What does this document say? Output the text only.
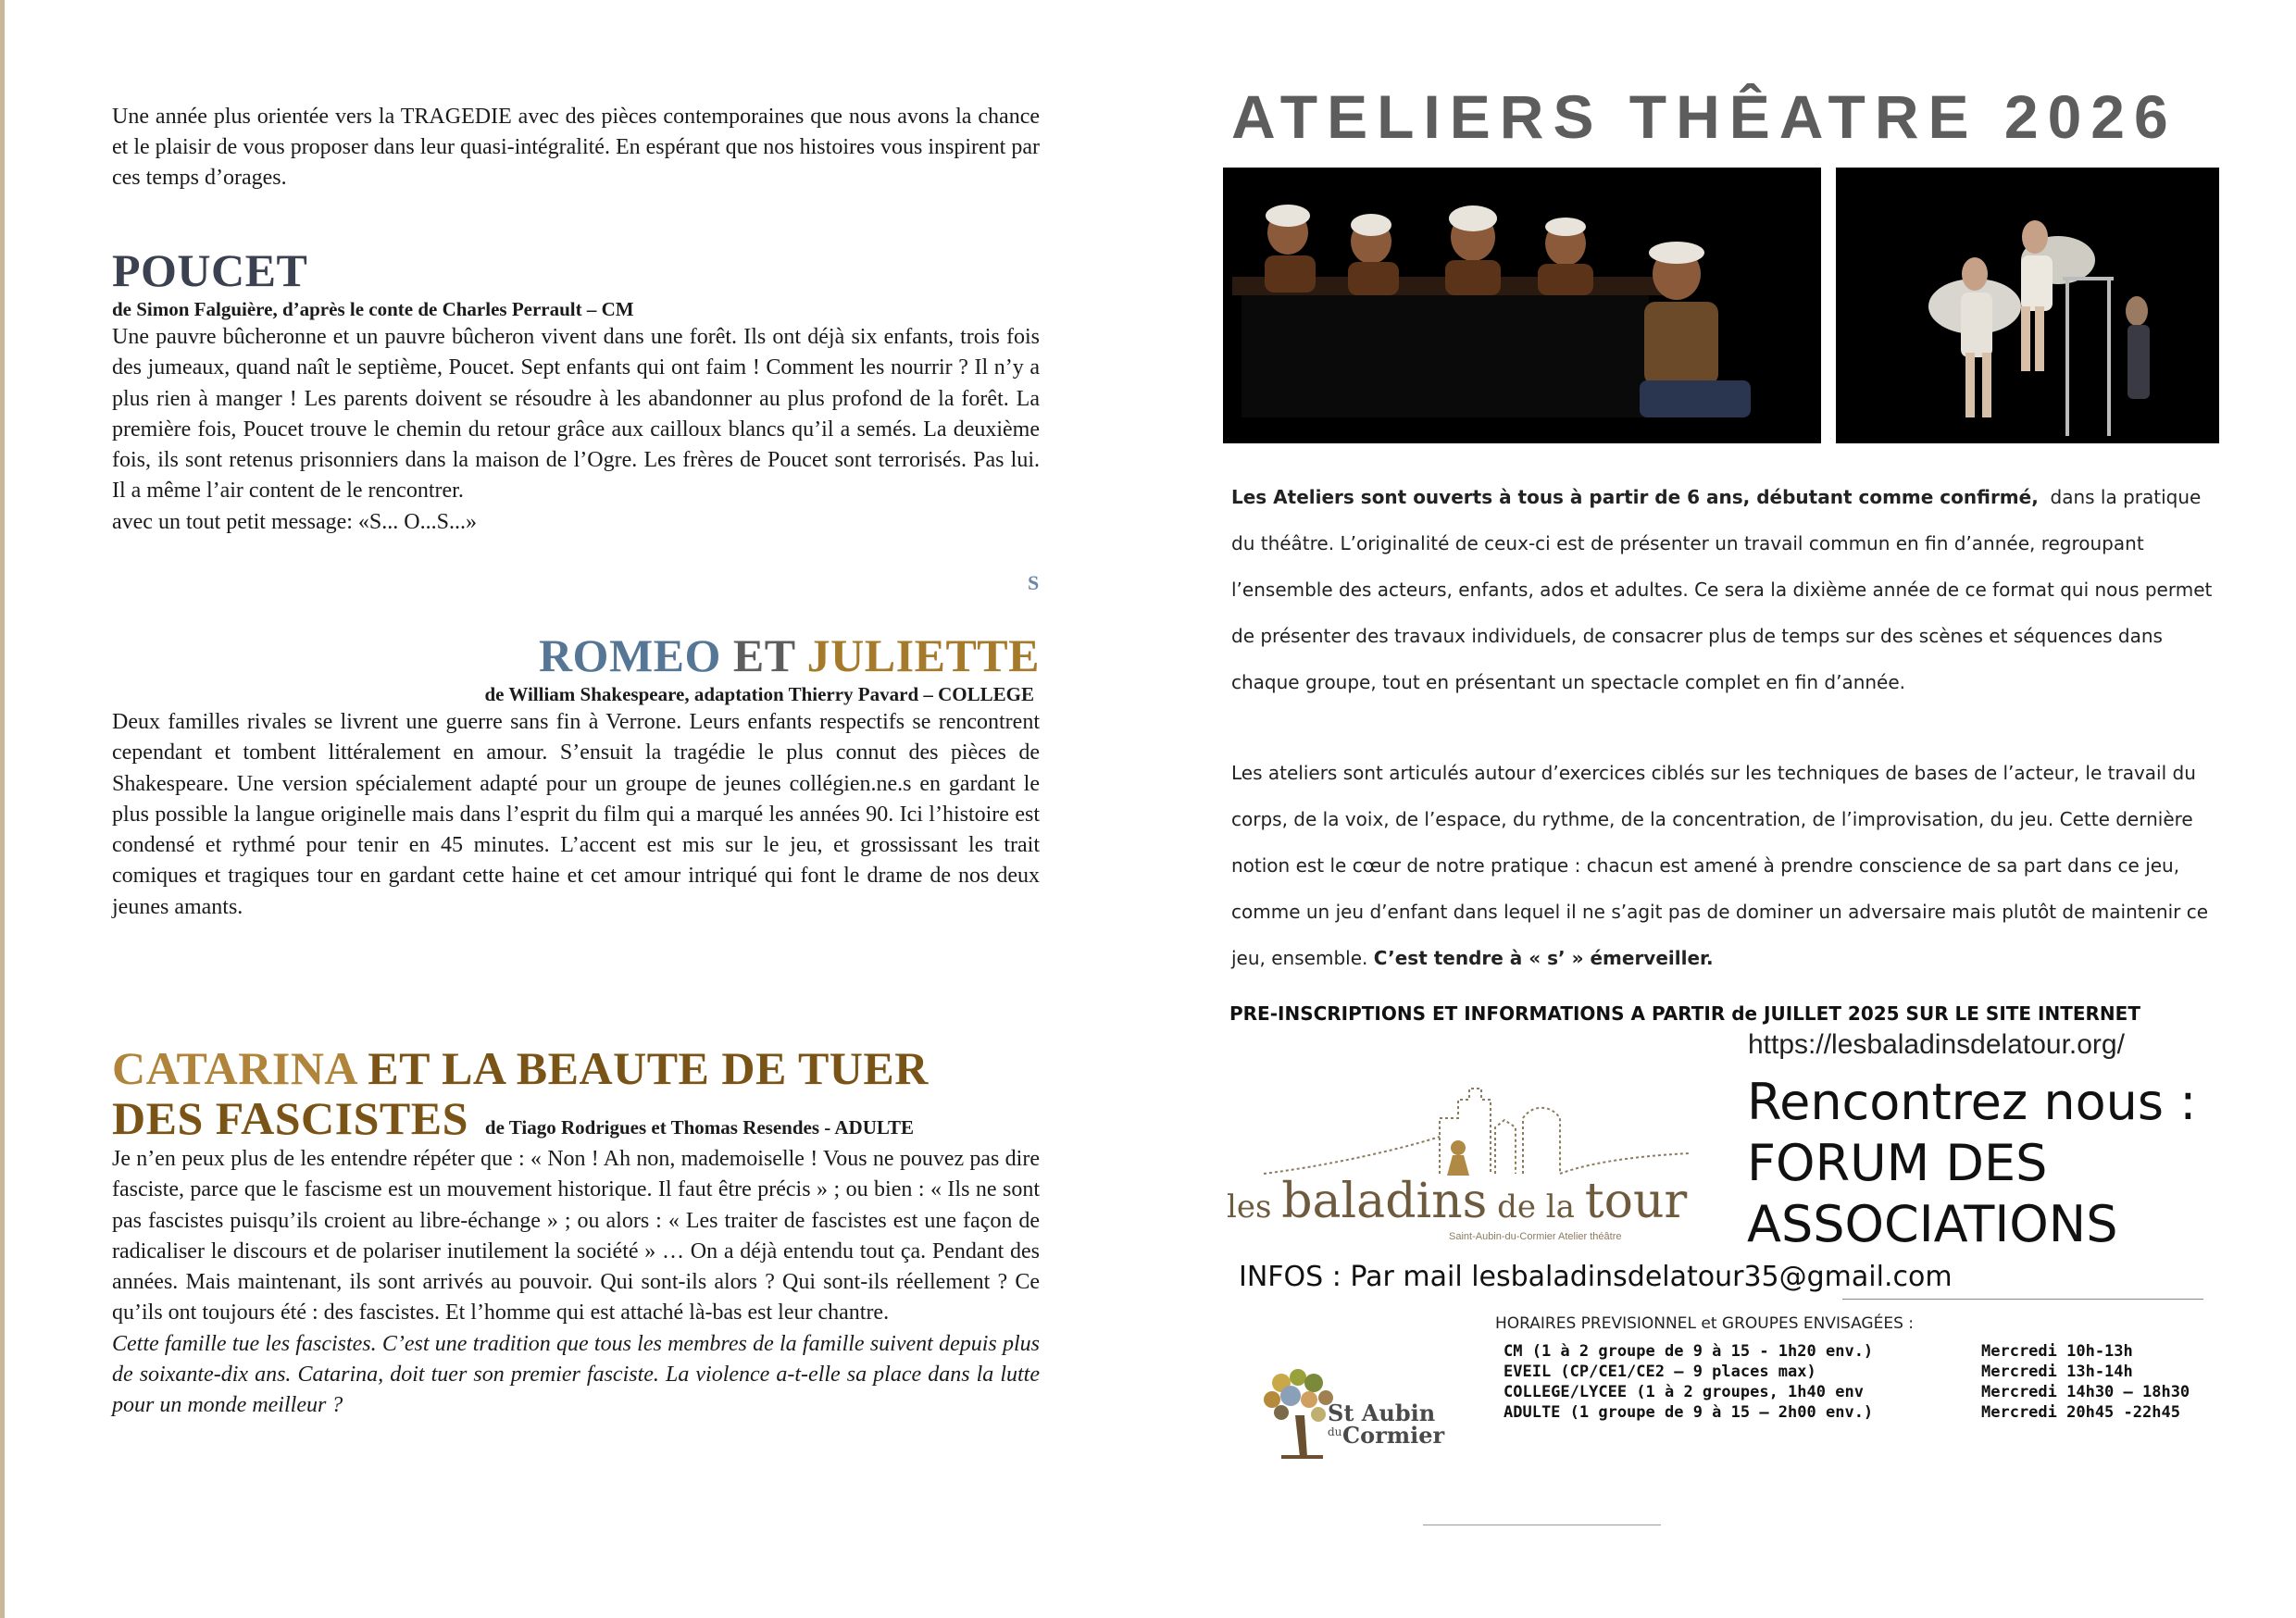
Une année plus orientée vers la TRAGEDIE avec des pièces contemporaines que nous avons la chance et le plaisir de vous proposer dans leur quasi-intégralité. En espérant que nos histoires vous inspirent par ces temps d’orages.

POUCET

de Simon Falguière, d’après le conte de Charles Perrault – CM

Une pauvre bûcheronne et un pauvre bûcheron vivent dans une forêt. Ils ont déjà six enfants, trois fois des jumeaux, quand naît le septième, Poucet. Sept enfants qui ont faim ! Comment les nourrir ? Il n’y a plus rien à manger ! Les parents doivent se résoudre à les abandonner au plus profond de la forêt. La première fois, Poucet trouve le chemin du retour grâce aux cailloux blancs qu’il a semés. La deuxième fois, ils sont retenus prisonniers dans la maison de l’Ogre. Les frères de Poucet sont terrorisés. Pas lui. Il a même l’air content de le rencontrer.

avec un tout petit message: «S... O...S...»

S
ROMEO ET JULIETTE

de William Shakespeare, adaptation Thierry Pavard – COLLEGE

Deux familles rivales se livrent une guerre sans fin à Verrone. Leurs enfants respectifs se rencontrent cependant et tombent littéralement en amour. S’ensuit la tragédie le plus connut des pièces de Shakespeare. Une version spécialement adapté pour un groupe de jeunes collégien.ne.s en gardant le plus possible la langue originelle mais dans l’esprit du film qui a marqué les années 90. Ici l’histoire est condensé et rythmé pour tenir en 45 minutes. L’accent est mis sur le jeu, et grossissant les trait comiques et tragiques tour en gardant cette haine et cet amour intriqué qui font le drame de nos deux jeunes amants.

CATARINA ET LA BEAUTE DE TUER
DES FASCISTES de Tiago Rodrigues et Thomas Resendes - ADULTE

Je n’en peux plus de les entendre répéter que : « Non ! Ah non, mademoiselle ! Vous ne pouvez pas dire fasciste, parce que le fascisme est un mouvement historique. Il faut être précis » ; ou bien : « Ils ne sont pas fascistes puisqu’ils croient au libre-échange » ; ou alors : « Les traiter de fascistes est une façon de radicaliser le discours et de polariser inutilement la société » … On a déjà entendu tout ça. Pendant des années. Mais maintenant, ils sont arrivés au pouvoir. Qui sont-ils alors ? Qui sont-ils réellement ? Ce qu’ils ont toujours été : des fascistes. Et l’homme qui est attaché là-bas est leur chantre.

Cette famille tue les fascistes. C’est une tradition que tous les membres de la famille suivent depuis plus de soixante-dix ans. Catarina, doit tuer son premier fasciste. La violence a-t-elle sa place dans la lutte pour un monde meilleur ?

ATELIERS THÊATRE 2026

Les Ateliers sont ouverts à tous à partir de 6 ans, débutant comme confirmé,  dans la pratique du théâtre. L’originalité de ceux-ci est de présenter un travail commun en fin d’année, regroupant l’ensemble des acteurs, enfants, ados et adultes. Ce sera la dixième année de ce format qui nous permet de présenter des travaux individuels, de consacrer plus de temps sur des scènes et séquences dans chaque groupe, tout en présentant un spectacle complet en fin d’année.

Les ateliers sont articulés autour d’exercices ciblés sur les techniques de bases de l’acteur, le travail du corps, de la voix, de l’espace, du rythme, de la concentration, de l’improvisation, du jeu. Cette dernière notion est le cœur de notre pratique : chacun est amené à prendre conscience de sa part dans ce jeu, comme un jeu d’enfant dans lequel il ne s’agit pas de dominer un adversaire mais plutôt de maintenir ce jeu, ensemble. C’est tendre à « s’ » émerveiller.

PRE-INSCRIPTIONS ET INFORMATIONS A PARTIR de JUILLET 2025 SUR LE SITE INTERNET

https://lesbaladinsdelatour.org/

Rencontrez nous :
FORUM DES
ASSOCIATIONS
les baladins de la tour
Saint-Aubin-du-Cormier Atelier théâtre

INFOS : Par mail lesbaladinsdelatour35@gmail.com

HORAIRES PREVISIONNEL et GROUPES ENVISAGÉES :

CM (1 à 2 groupe de 9 à 15 - 1h20 env.)	Mercredi 10h-13h
EVEIL (CP/CE1/CE2 – 9 places max)	Mercredi 13h-14h
COLLEGE/LYCEE (1 à 2 groupes, 1h40 env	Mercredi 14h30 – 18h30
ADULTE (1 groupe de 9 à 15 – 2h00 env.)	Mercredi 20h45 -22h45
St Aubin
du Cormier
